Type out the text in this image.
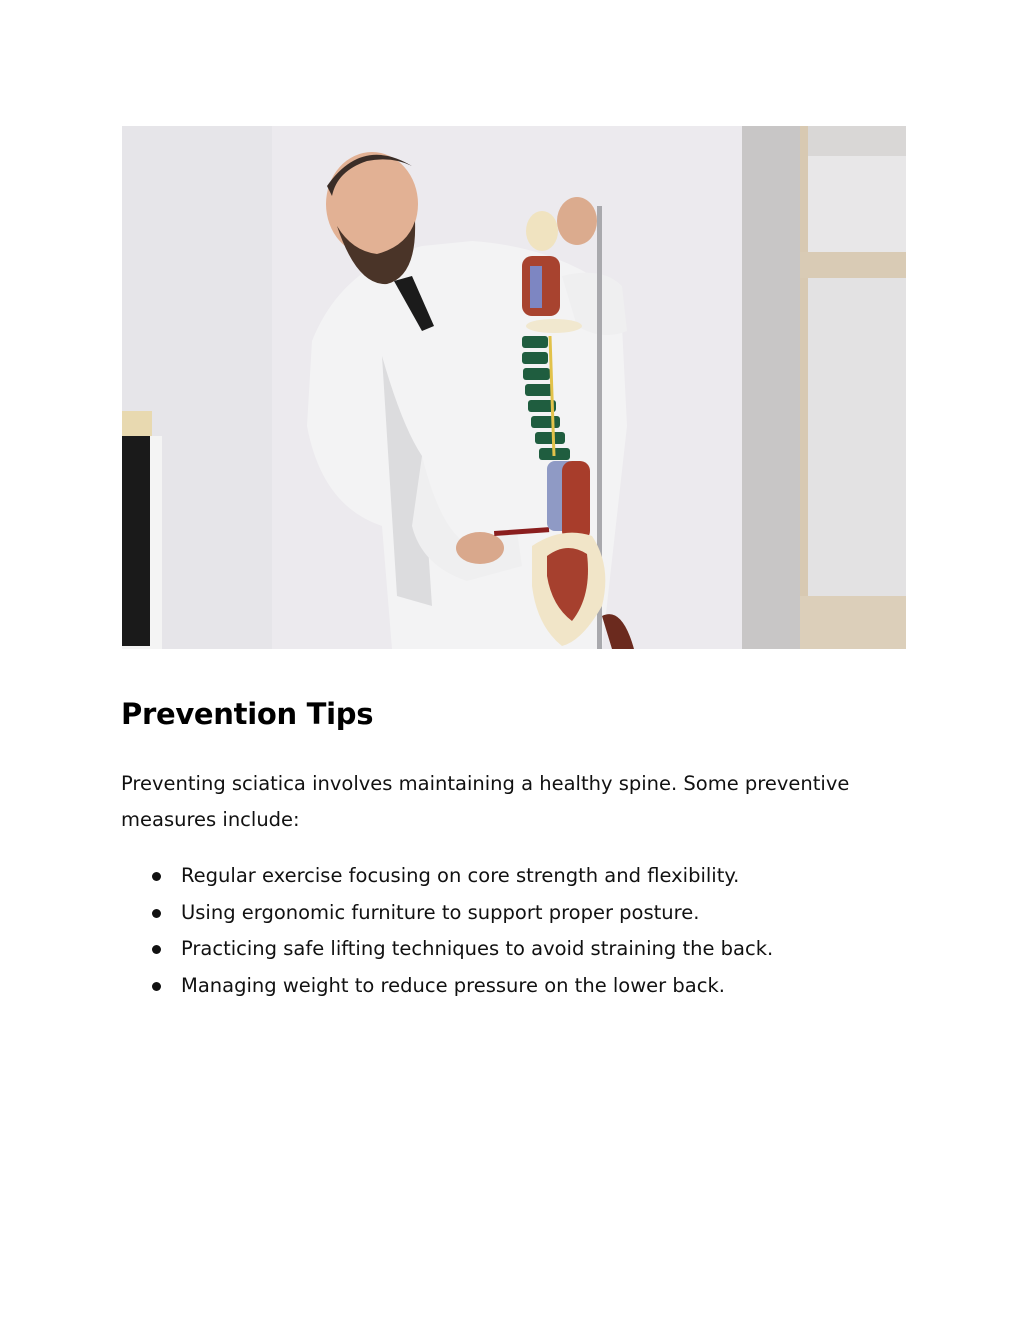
Prevention Tips

Preventing sciatica involves maintaining a healthy spine. Some preventive measures include:

Regular exercise focusing on core strength and flexibility.
Using ergonomic furniture to support proper posture.
Practicing safe lifting techniques to avoid straining the back.
Managing weight to reduce pressure on the lower back.
